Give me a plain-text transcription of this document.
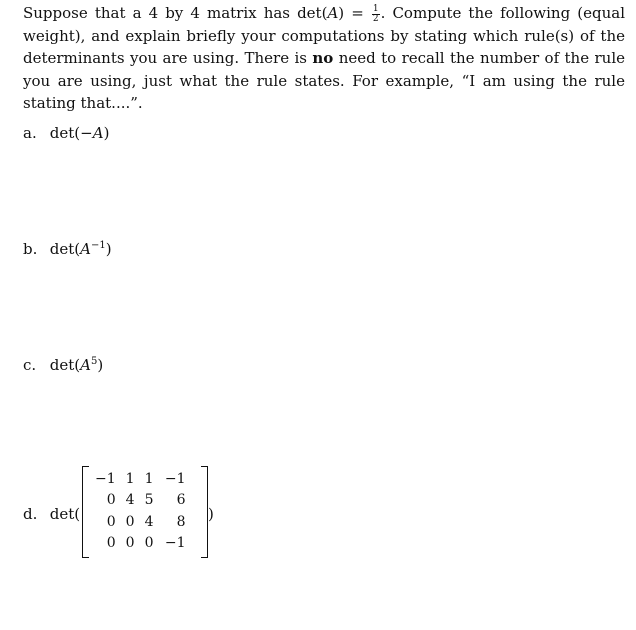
Suppose that a 4 by 4 matrix has $\det(A) = \frac{1}{2}$ . Compute the following (equal weight), and explain briefly your computations by stating which rule(s) of the determinants you are using. There is no need to recall the number of the rule you are using, just what the rule states. For example, “I am using the rule stating that....”.
a. det(−A)
b. $\det(A^{-1})$
c. $\det(A^5)$
d. det(
−1	1	1	−1
0	4	5	6
0	0	4	8
0	0	0	−1
)
